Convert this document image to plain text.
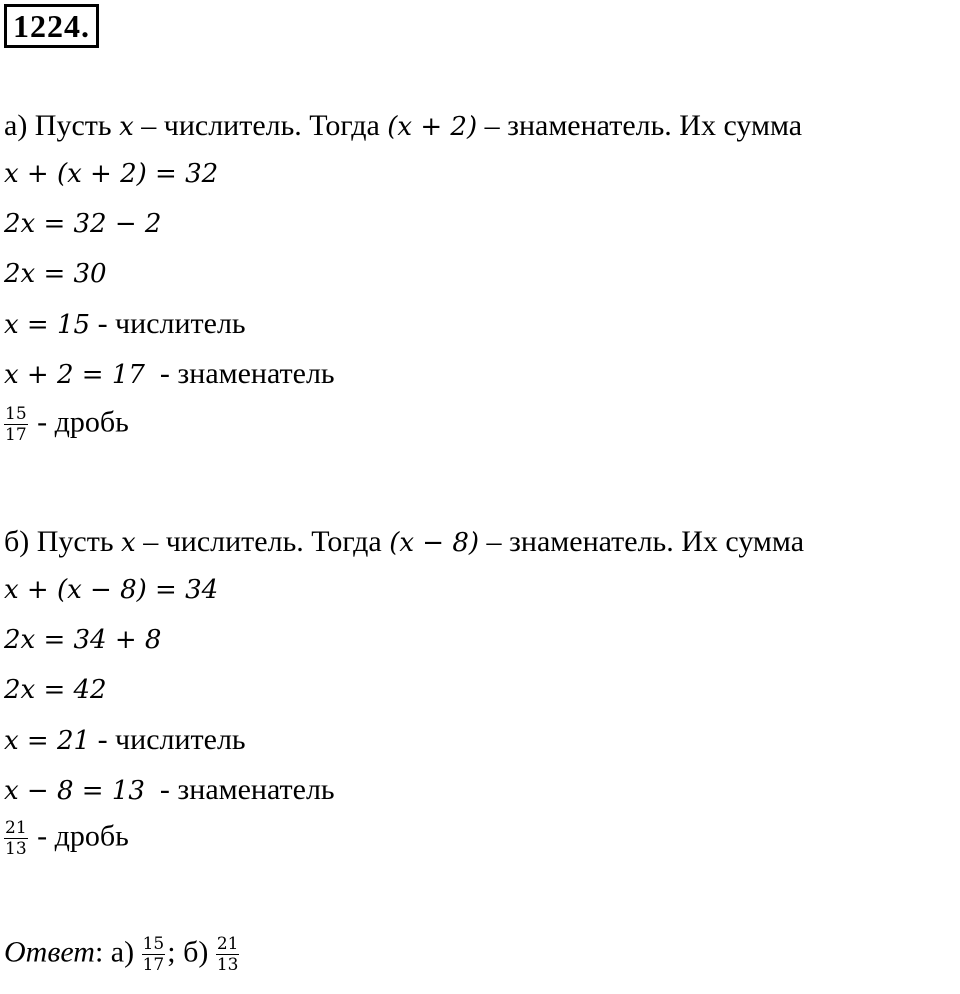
1224.
а) Пусть x – числитель. Тогда (x + 2) – знаменатель. Их сумма
x + (x + 2) = 32
2x = 32 − 2
2x = 30
x = 15 - числитель
x + 2 = 17  - знаменатель
$\frac{15}{17}$ - дробь
б) Пусть x – числитель. Тогда (x − 8) – знаменатель. Их сумма
x + (x − 8) = 34
2x = 34 + 8
2x = 42
x = 21 - числитель
x − 8 = 13  - знаменатель
$\frac{21}{13}$ - дробь
Ответ: $а) \frac{15}{17}$ ; $б) \frac{21}{13}$
